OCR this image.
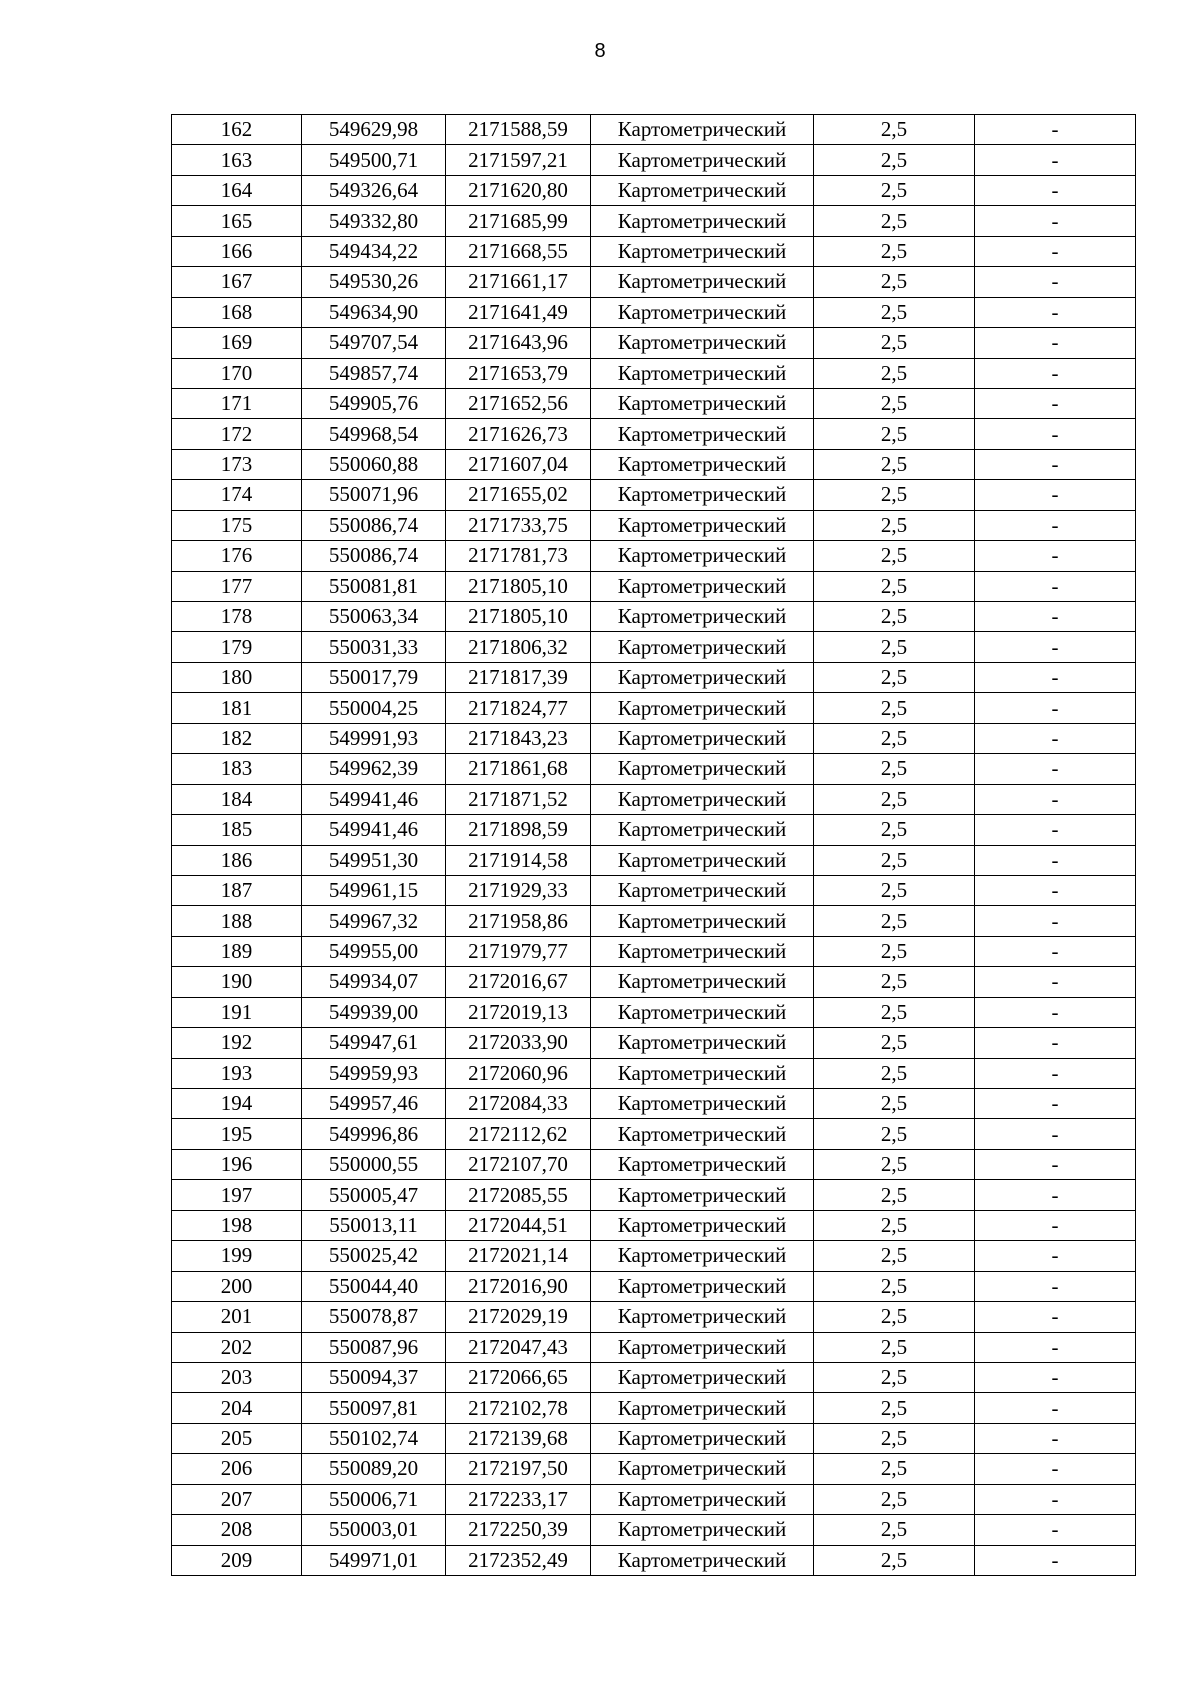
8
162	549629,98	2171588,59	Картометрический	2,5	-
163	549500,71	2171597,21	Картометрический	2,5	-
164	549326,64	2171620,80	Картометрический	2,5	-
165	549332,80	2171685,99	Картометрический	2,5	-
166	549434,22	2171668,55	Картометрический	2,5	-
167	549530,26	2171661,17	Картометрический	2,5	-
168	549634,90	2171641,49	Картометрический	2,5	-
169	549707,54	2171643,96	Картометрический	2,5	-
170	549857,74	2171653,79	Картометрический	2,5	-
171	549905,76	2171652,56	Картометрический	2,5	-
172	549968,54	2171626,73	Картометрический	2,5	-
173	550060,88	2171607,04	Картометрический	2,5	-
174	550071,96	2171655,02	Картометрический	2,5	-
175	550086,74	2171733,75	Картометрический	2,5	-
176	550086,74	2171781,73	Картометрический	2,5	-
177	550081,81	2171805,10	Картометрический	2,5	-
178	550063,34	2171805,10	Картометрический	2,5	-
179	550031,33	2171806,32	Картометрический	2,5	-
180	550017,79	2171817,39	Картометрический	2,5	-
181	550004,25	2171824,77	Картометрический	2,5	-
182	549991,93	2171843,23	Картометрический	2,5	-
183	549962,39	2171861,68	Картометрический	2,5	-
184	549941,46	2171871,52	Картометрический	2,5	-
185	549941,46	2171898,59	Картометрический	2,5	-
186	549951,30	2171914,58	Картометрический	2,5	-
187	549961,15	2171929,33	Картометрический	2,5	-
188	549967,32	2171958,86	Картометрический	2,5	-
189	549955,00	2171979,77	Картометрический	2,5	-
190	549934,07	2172016,67	Картометрический	2,5	-
191	549939,00	2172019,13	Картометрический	2,5	-
192	549947,61	2172033,90	Картометрический	2,5	-
193	549959,93	2172060,96	Картометрический	2,5	-
194	549957,46	2172084,33	Картометрический	2,5	-
195	549996,86	2172112,62	Картометрический	2,5	-
196	550000,55	2172107,70	Картометрический	2,5	-
197	550005,47	2172085,55	Картометрический	2,5	-
198	550013,11	2172044,51	Картометрический	2,5	-
199	550025,42	2172021,14	Картометрический	2,5	-
200	550044,40	2172016,90	Картометрический	2,5	-
201	550078,87	2172029,19	Картометрический	2,5	-
202	550087,96	2172047,43	Картометрический	2,5	-
203	550094,37	2172066,65	Картометрический	2,5	-
204	550097,81	2172102,78	Картометрический	2,5	-
205	550102,74	2172139,68	Картометрический	2,5	-
206	550089,20	2172197,50	Картометрический	2,5	-
207	550006,71	2172233,17	Картометрический	2,5	-
208	550003,01	2172250,39	Картометрический	2,5	-
209	549971,01	2172352,49	Картометрический	2,5	-
